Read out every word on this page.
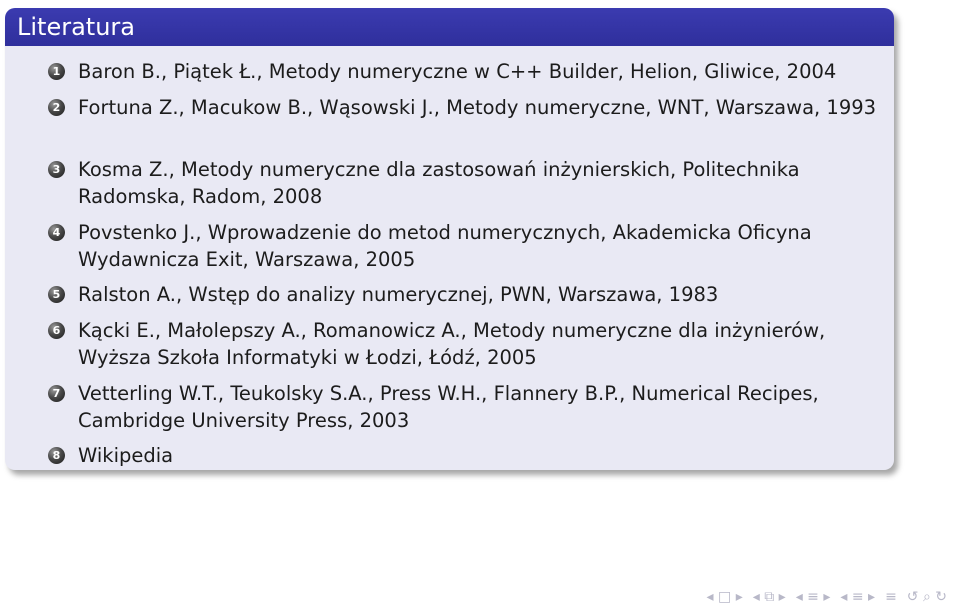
Literatura
1 Baron B., Piątek Ł., Metody numeryczne w C++ Builder, Helion, Gliwice, 2004
2 Fortuna Z., Macukow B., Wąsowski J., Metody numeryczne, WNT, Warszawa, 1993
3 Kosma Z., Metody numeryczne dla zastosowań inżynierskich, Politechnika Radomska, Radom, 2008
4 Povstenko J., Wprowadzenie do metod numerycznych, Akademicka Oficyna Wydawnicza Exit, Warszawa, 2005
5 Ralston A., Wstęp do analizy numerycznej, PWN, Warszawa, 1983
6 Kącki E., Małolepszy A., Romanowicz A., Metody numeryczne dla inżynierów, Wyższa Szkoła Informatyki w Łodzi, Łódź, 2005
7 Vetterling W.T., Teukolsky S.A., Press W.H., Flannery B.P., Numerical Recipes, Cambridge University Press, 2003
8 Wikipedia
◂ □ ▸ ◂ ⧉ ▸ ◂ ≡ ▸ ◂ ≡ ▸ ≡ ↺ ⌕ ↻
